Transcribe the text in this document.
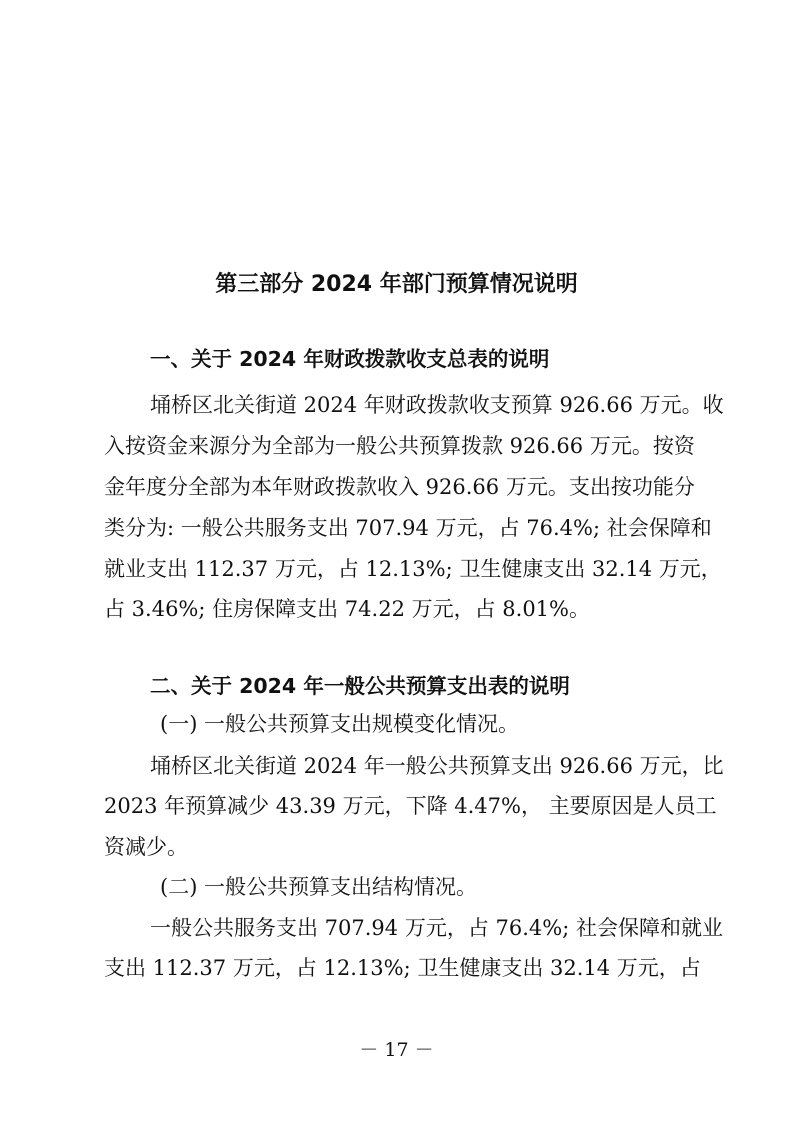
第三部分 2024 年部门预算情况说明
一、关于 2024 年财政拨款收支总表的说明
埇桥区北关街道 2024 年财政拨款收支预算 926.66 万元。收
入按资金来源分为全部为一般公共预算拨款 926.66 万元。按资
金年度分全部为本年财政拨款收入 926.66 万元。支出按功能分
类分为: 一般公共服务支出 707.94 万元，占 76.4%; 社会保障和
就业支出 112.37 万元，占 12.13%; 卫生健康支出 32.14 万元，
占 3.46%; 住房保障支出 74.22 万元，占 8.01%。
二、关于 2024 年一般公共预算支出表的说明
(一) 一般公共预算支出规模变化情况。
埇桥区北关街道 2024 年一般公共预算支出 926.66 万元，比
2023 年预算减少 43.39 万元，下降 4.47%， 主要原因是人员工
资减少。
(二) 一般公共预算支出结构情况。
一般公共服务支出 707.94 万元，占 76.4%; 社会保障和就业
支出 112.37 万元，占 12.13%; 卫生健康支出 32.14 万元，占
－ 17 －
